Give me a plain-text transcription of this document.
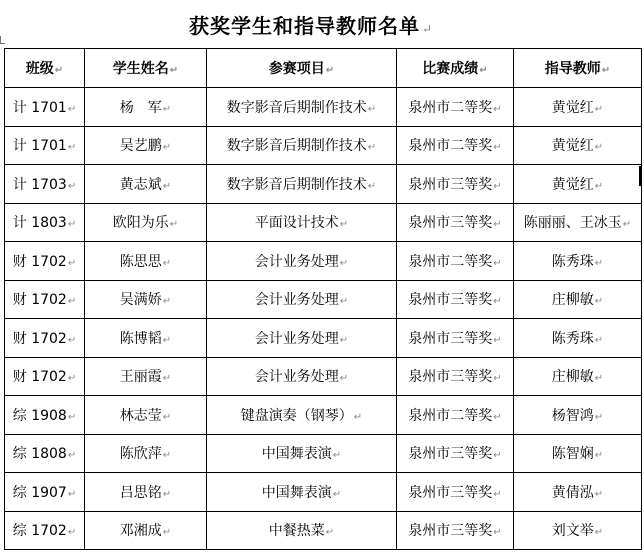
获奖学生和指导教师名单 ↵
班级↵	学生姓名↵	参赛项目↵	比赛成绩↵	指导教师↵
计 1701↵	杨　军↵	数字影音后期制作技术↵	泉州市二等奖↵	黄觉红↵
计 1701↵	吴艺鹏↵	数字影音后期制作技术↵	泉州市二等奖↵	黄觉红↵
计 1703↵	黄志斌↵	数字影音后期制作技术↵	泉州市三等奖↵	黄觉红↵
计 1803↵	欧阳为乐↵	平面设计技术↵	泉州市三等奖↵	陈丽丽、王冰玉↵
财 1702↵	陈思思↵	会计业务处理↵	泉州市二等奖↵	陈秀珠↵
财 1702↵	吴满娇↵	会计业务处理↵	泉州市三等奖↵	庄柳敏↵
财 1702↵	陈博韬↵	会计业务处理↵	泉州市三等奖↵	陈秀珠↵
财 1702↵	王丽霞↵	会计业务处理↵	泉州市三等奖↵	庄柳敏↵
综 1908↵	林志莹↵	键盘演奏（钢琴）↵	泉州市二等奖↵	杨智鸿↵
综 1808↵	陈欣萍↵	中国舞表演↵	泉州市三等奖↵	陈智娴↵
综 1907↵	吕思铭↵	中国舞表演↵	泉州市三等奖↵	黄倩泓↵
综 1702↵	邓湘成↵	中餐热菜↵	泉州市三等奖↵	刘文举↵
